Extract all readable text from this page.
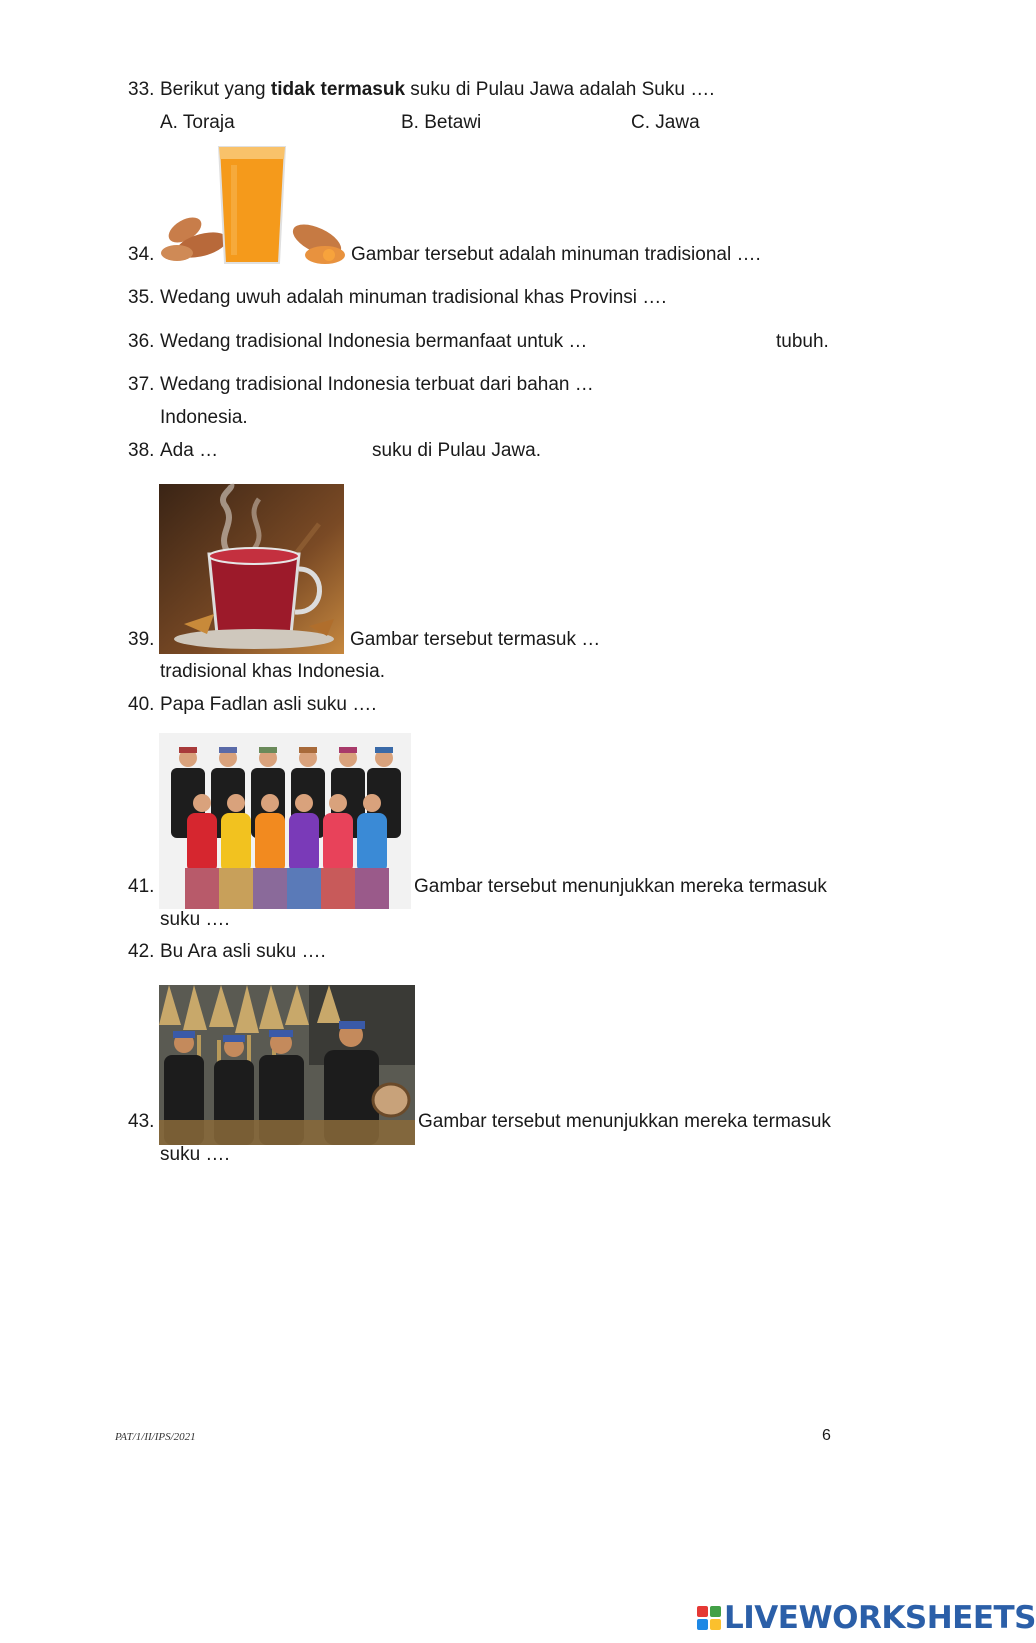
33. Berikut yang tidak termasuk suku di Pulau Jawa adalah Suku ….
A. Toraja	B. Betawi	C. Jawa
34.	Gambar tersebut adalah minuman tradisional ….
35. Wedang uwuh adalah minuman tradisional khas Provinsi ….
36. Wedang tradisional Indonesia bermanfaat untuk …	tubuh.
37. Wedang tradisional Indonesia terbuat dari bahan …
Indonesia.
38. Ada …	suku di Pulau Jawa.
39.	Gambar tersebut termasuk …
tradisional khas Indonesia.
40. Papa Fadlan asli suku ….
41.	Gambar tersebut menunjukkan mereka termasuk
suku ….
42. Bu Ara asli suku ….
43.	Gambar tersebut menunjukkan mereka termasuk
suku ….
PAT/1/II/IPS/2021	6
LIVEWORKSHEETS
